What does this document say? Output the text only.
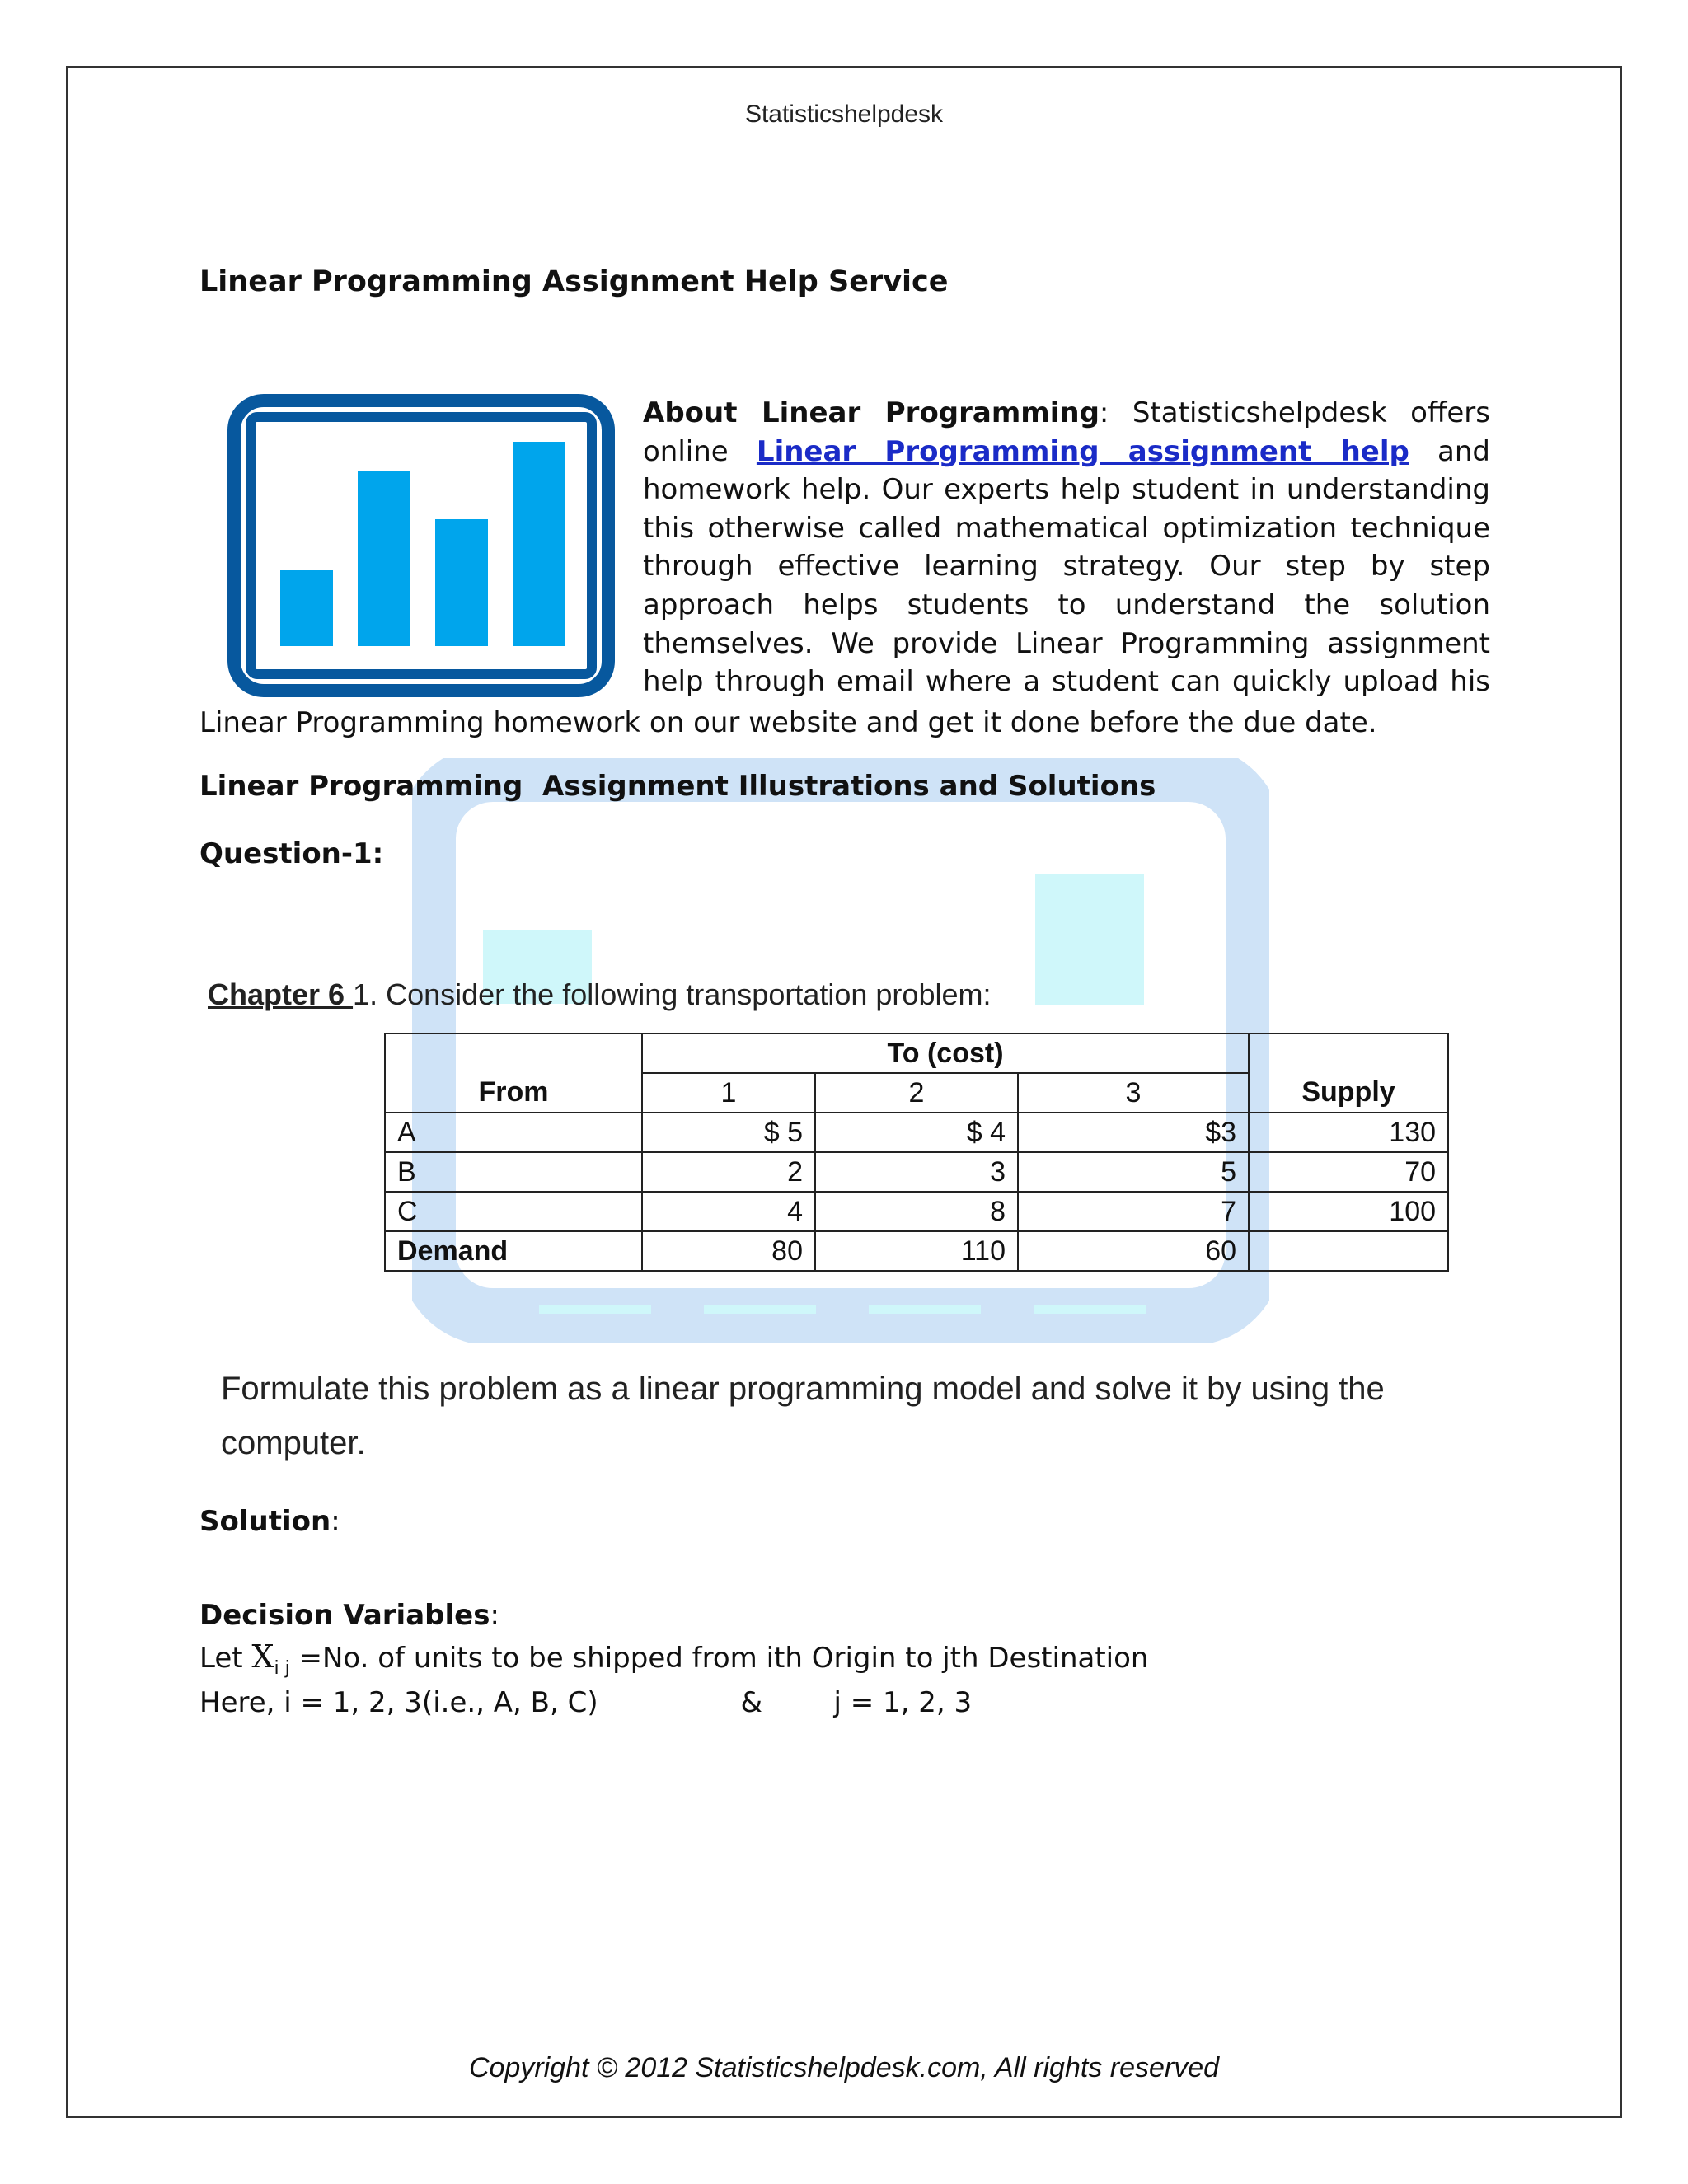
Statisticshelpdesk
Linear Programming Assignment Help Service
About Linear Programming: Statisticshelpdesk offers online Linear Programming assignment help and homework help. Our experts help student in understanding this otherwise called mathematical optimization technique through effective learning strategy. Our step by step approach helps students to understand the solution themselves. We provide Linear Programming assignment help through email where a student can quickly upload his
Linear Programming homework on our website and get it done before the due date.
Linear Programming  Assignment Illustrations and Solutions
Question-1:
Chapter 6 1. Consider the following transportation problem:
	To (cost)			
From	1	2	3	Supply
A	$ 5	$ 4	$3	130
B	2	3	5	70
C	4	8	7	100
Demand	80	110	60	
Formulate this problem as a linear programming model and solve it by using the computer.
Solution:
Decision Variables:
Let $X_{i j} =No$. of units to be shipped from ith Origin to jth Destination
Here, i = 1, 2, 3(i.e., A, B, C)                &        j = 1, 2, 3
Copyright © 2012 Statisticshelpdesk.com, All rights reserved
